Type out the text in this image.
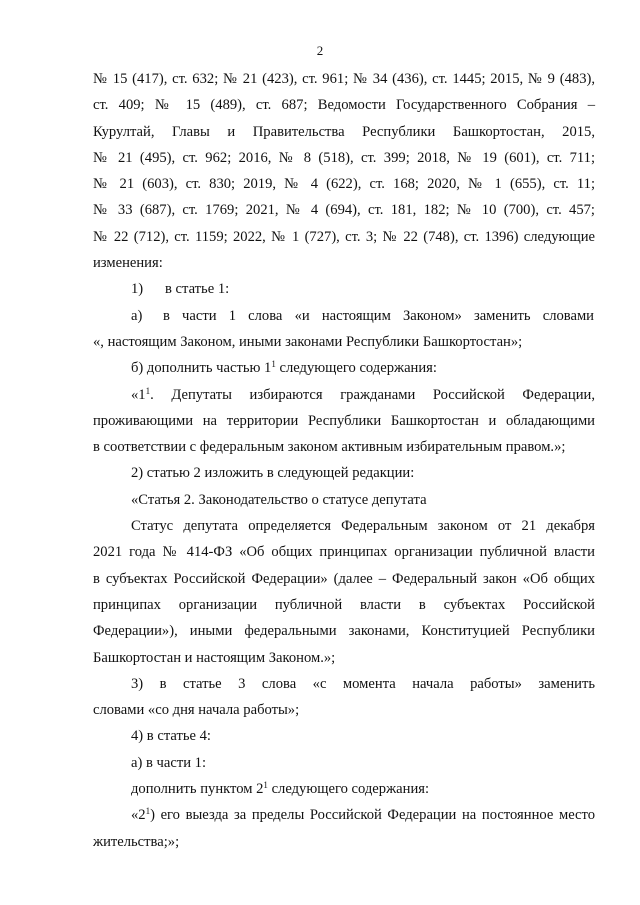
2
№ 15 (417), ст. 632; № 21 (423), ст. 961; № 34 (436), ст. 1445; 2015, № 9 (483),
ст. 409; № 15 (489), ст. 687; Ведомости Государственного Собрания –
Курултай, Главы и Правительства Республики Башкортостан, 2015,
№ 21 (495), ст. 962; 2016, № 8 (518), ст. 399; 2018, № 19 (601), ст. 711;
№ 21 (603), ст. 830; 2019, № 4 (622), ст. 168; 2020, № 1 (655), ст. 11;
№ 33 (687), ст. 1769; 2021, № 4 (694), ст. 181, 182; № 10 (700), ст. 457;
№ 22 (712), ст. 1159; 2022, № 1 (727), ст. 3; № 22 (748), ст. 1396) следующие
изменения:
1) в статье 1:
а) в части 1 слова «и настоящим Законом» заменить словами
«, настоящим Законом, иными законами Республики Башкортостан»;
б) дополнить частью $1^1$ следующего содержания:
«$1^1$. Депутаты избираются гражданами Российской Федерации,
проживающими на территории Республики Башкортостан и обладающими
в соответствии с федеральным законом активным избирательным правом.»;
2) статью 2 изложить в следующей редакции:
«Статья 2. Законодательство о статусе депутата
Статус депутата определяется Федеральным законом от 21 декабря
2021 года № 414-ФЗ «Об общих принципах организации публичной власти
в субъектах Российской Федерации» (далее – Федеральный закон «Об общих
принципах организации публичной власти в субъектах Российской
Федерации»), иными федеральными законами, Конституцией Республики
Башкортостан и настоящим Законом.»;
3) в статье 3 слова «с момента начала работы» заменить
словами «со дня начала работы»;
4) в статье 4:
а) в части 1:
дополнить пунктом $2^1$ следующего содержания:
«$2^1$) его выезда за пределы Российской Федерации на постоянное место
жительства;»;
